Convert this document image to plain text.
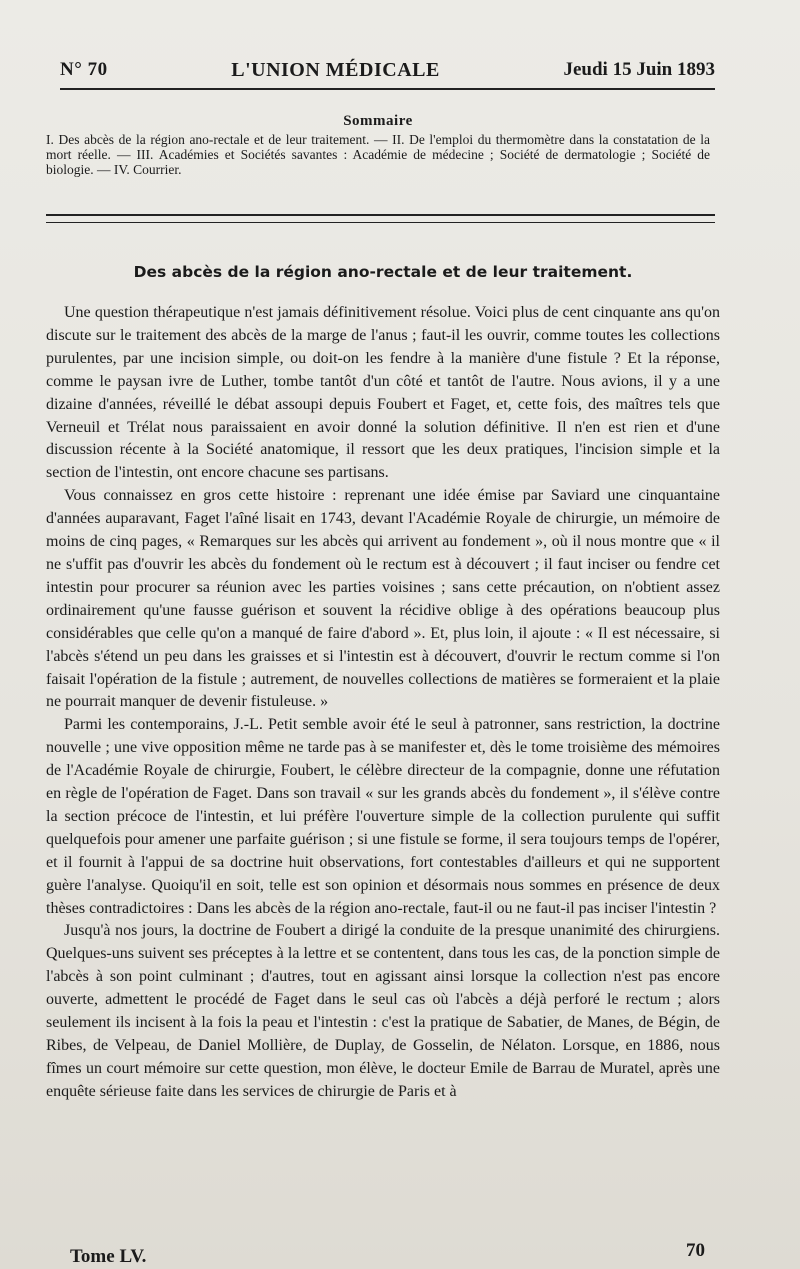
N° 70	L'UNION MÉDICALE	Jeudi 15 Juin 1893
Sommaire
I. Des abcès de la région ano-rectale et de leur traitement. — II. De l'emploi du thermomètre dans la constatation de la mort réelle. — III. Académies et Sociétés savantes : Académie de médecine ; Société de dermatologie ; Société de biologie. — IV. Courrier.
Des abcès de la région ano-rectale et de leur traitement.

Une question thérapeutique n'est jamais définitivement résolue. Voici plus de cent cinquante ans qu'on discute sur le traitement des abcès de la marge de l'anus ; faut-il les ouvrir, comme toutes les collections purulentes, par une incision simple, ou doit-on les fendre à la manière d'une fistule ? Et la réponse, comme le paysan ivre de Luther, tombe tantôt d'un côté et tantôt de l'autre. Nous avions, il y a une dizaine d'années, réveillé le débat assoupi depuis Foubert et Faget, et, cette fois, des maîtres tels que Verneuil et Trélat nous paraissaient en avoir donné la solution définitive. Il n'en est rien et d'une discussion récente à la Société anatomique, il ressort que les deux pratiques, l'incision simple et la section de l'intestin, ont encore chacune ses partisans.

Vous connaissez en gros cette histoire : reprenant une idée émise par Saviard une cinquantaine d'années auparavant, Faget l'aîné lisait en 1743, devant l'Académie Royale de chirurgie, un mémoire de moins de cinq pages, « Remarques sur les abcès qui arrivent au fondement », où il nous montre que « il ne s'uffit pas d'ouvrir les abcès du fondement où le rectum est à découvert ; il faut inciser ou fendre cet intestin pour procurer sa réunion avec les parties voisines ; sans cette précaution, on n'obtient assez ordinairement qu'une fausse guérison et souvent la récidive oblige à des opérations beaucoup plus considérables que celle qu'on a manqué de faire d'abord ». Et, plus loin, il ajoute : « Il est nécessaire, si l'abcès s'étend un peu dans les graisses et si l'intestin est à découvert, d'ouvrir le rectum comme si l'on faisait l'opération de la fistule ; autrement, de nouvelles collections de matières se formeraient et la plaie ne pourrait manquer de devenir fistuleuse. »

Parmi les contemporains, J.-L. Petit semble avoir été le seul à patronner, sans restriction, la doctrine nouvelle ; une vive opposition même ne tarde pas à se manifester et, dès le tome troisième des mémoires de l'Académie Royale de chirurgie, Foubert, le célèbre directeur de la compagnie, donne une réfutation en règle de l'opération de Faget. Dans son travail « sur les grands abcès du fondement », il s'élève contre la section précoce de l'intestin, et lui préfère l'ouverture simple de la collection purulente qui suffit quelquefois pour amener une parfaite guérison ; si une fistule se forme, il sera toujours temps de l'opérer, et il fournit à l'appui de sa doctrine huit observations, fort contestables d'ailleurs et qui ne supportent guère l'analyse. Quoiqu'il en soit, telle est son opinion et désormais nous sommes en présence de deux thèses contradictoires : Dans les abcès de la région ano-rectale, faut-il ou ne faut-il pas inciser l'intestin ?

Jusqu'à nos jours, la doctrine de Foubert a dirigé la conduite de la presque unanimité des chirurgiens. Quelques-uns suivent ses préceptes à la lettre et se contentent, dans tous les cas, de la ponction simple de l'abcès à son point culminant ; d'autres, tout en agissant ainsi lorsque la collection n'est pas encore ouverte, admettent le procédé de Faget dans le seul cas où l'abcès a déjà perforé le rectum ; alors seulement ils incisent à la fois la peau et l'intestin : c'est la pratique de Sabatier, de Manes, de Bégin, de Ribes, de Velpeau, de Daniel Mollière, de Duplay, de Gosselin, de Nélaton. Lorsque, en 1886, nous fîmes un court mémoire sur cette question, mon élève, le docteur Emile de Barrau de Muratel, après une enquête sérieuse faite dans les services de chirurgie de Paris et à

Tome LV.	70
